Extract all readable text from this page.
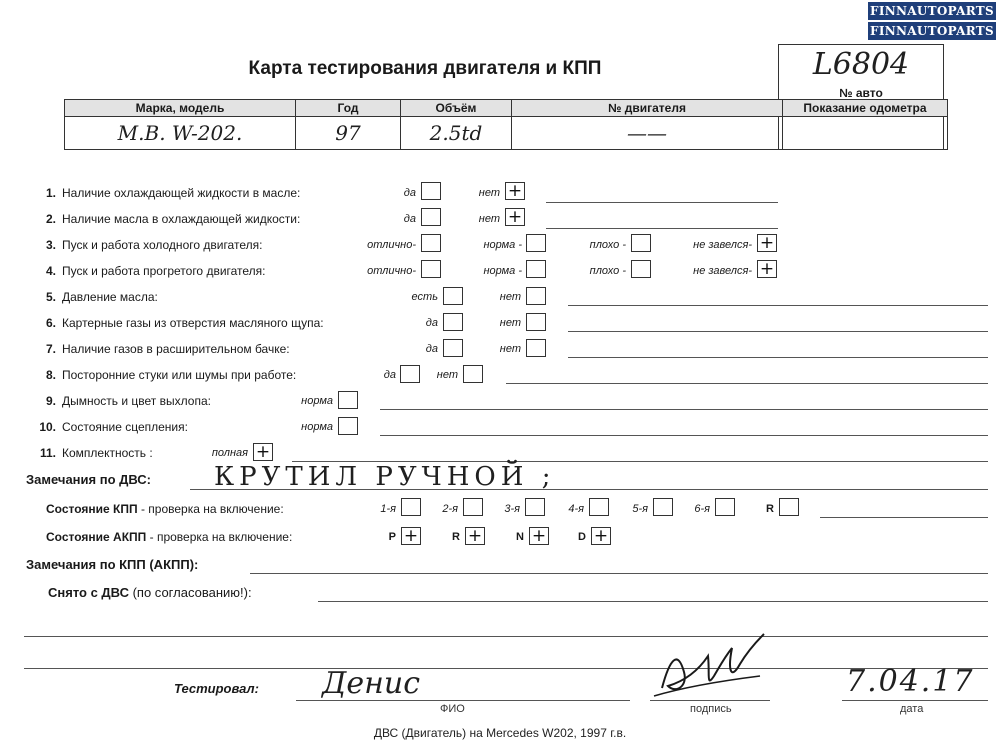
FINNAUTOPARTS
FINNAUTOPARTS
Карта тестирования двигателя и КПП	L6804
№ авто
Марка, модель	Год	Объём	№ двигателя	Показание одометра
M.B. W-202.	97	2.5td	——	
1. Наличие охлаждающей жидкости в масле:	да	нет +
2. Наличие масла в охлаждающей жидкости:	да	нет +
3. Пуск и работа холодного двигателя:	отлично-	норма -	плохо -	не завелся- +
4. Пуск и работа прогретого двигателя:	отлично-	норма -	плохо -	не завелся- +
5. Давление масла:	есть	нет
6. Картерные газы из отверстия масляного щупа:	да	нет
7. Наличие газов в расширительном бачке:	да	нет
8. Посторонние стуки или шумы при работе:	да	нет
9. Дымность и цвет выхлопа:	норма
10. Состояние сцепления:	норма
11. Комплектность :	полная +
Замечания по ДВС: КРУТИЛ РУЧНОЙ ;
Состояние КПП - проверка на включение:	1-я	2-я	3-я	4-я	5-я	6-я	R
Состояние АКПП - проверка на включение:	P +	R +	N +	D +
Замечания по КПП (АКПП):
Снято с ДВС (по согласованию!):
Тестировал: Денис
ФИО	подпись
7.04.17
дата
ДВС (Двигатель) на Mercedes W202, 1997 г.в.
